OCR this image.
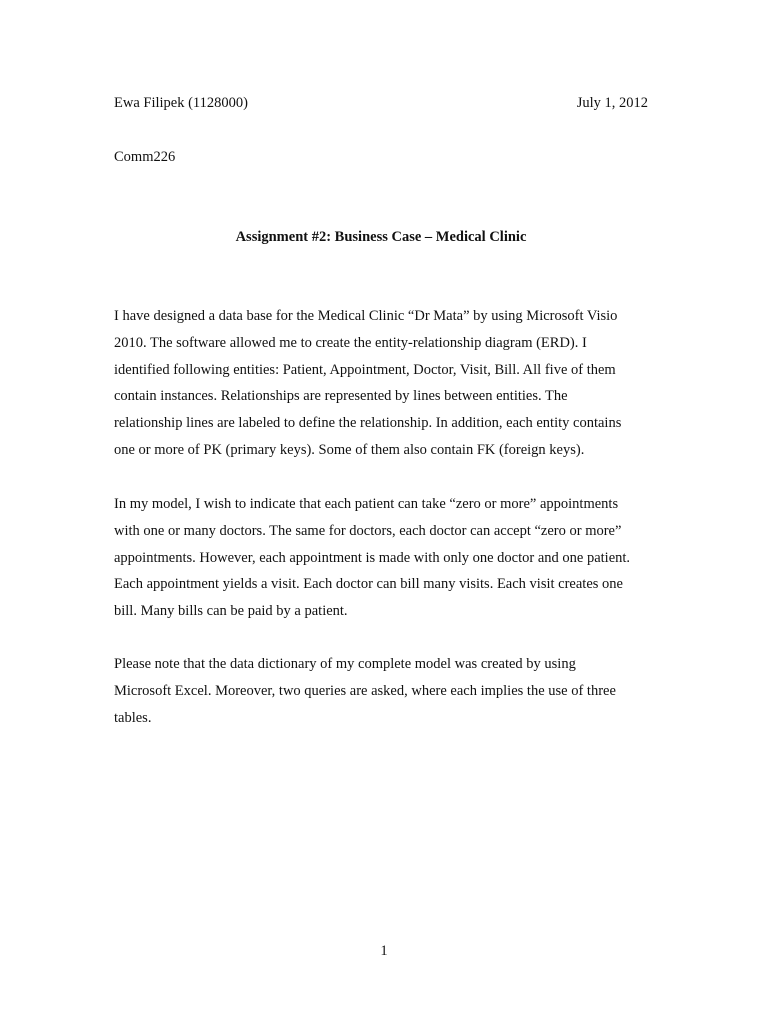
Ewa Filipek (1128000)	July 1, 2012
Comm226
Assignment #2: Business Case – Medical Clinic
I have designed a data base for the Medical Clinic “Dr Mata” by using Microsoft Visio
2010. The software allowed me to create the entity-relationship diagram (ERD). I
identified following entities: Patient, Appointment, Doctor, Visit, Bill. All five of them
contain instances. Relationships are represented by lines between entities. The
relationship lines are labeled to define the relationship. In addition, each entity contains
one or more of PK (primary keys). Some of them also contain FK (foreign keys).
In my model, I wish to indicate that each patient can take “zero or more” appointments
with one or many doctors. The same for doctors, each doctor can accept “zero or more”
appointments. However, each appointment is made with only one doctor and one patient.
Each appointment yields a visit. Each doctor can bill many visits. Each visit creates one
bill. Many bills can be paid by a patient.
Please note that the data dictionary of my complete model was created by using
Microsoft Excel. Moreover, two queries are asked, where each implies the use of three
tables.
1
